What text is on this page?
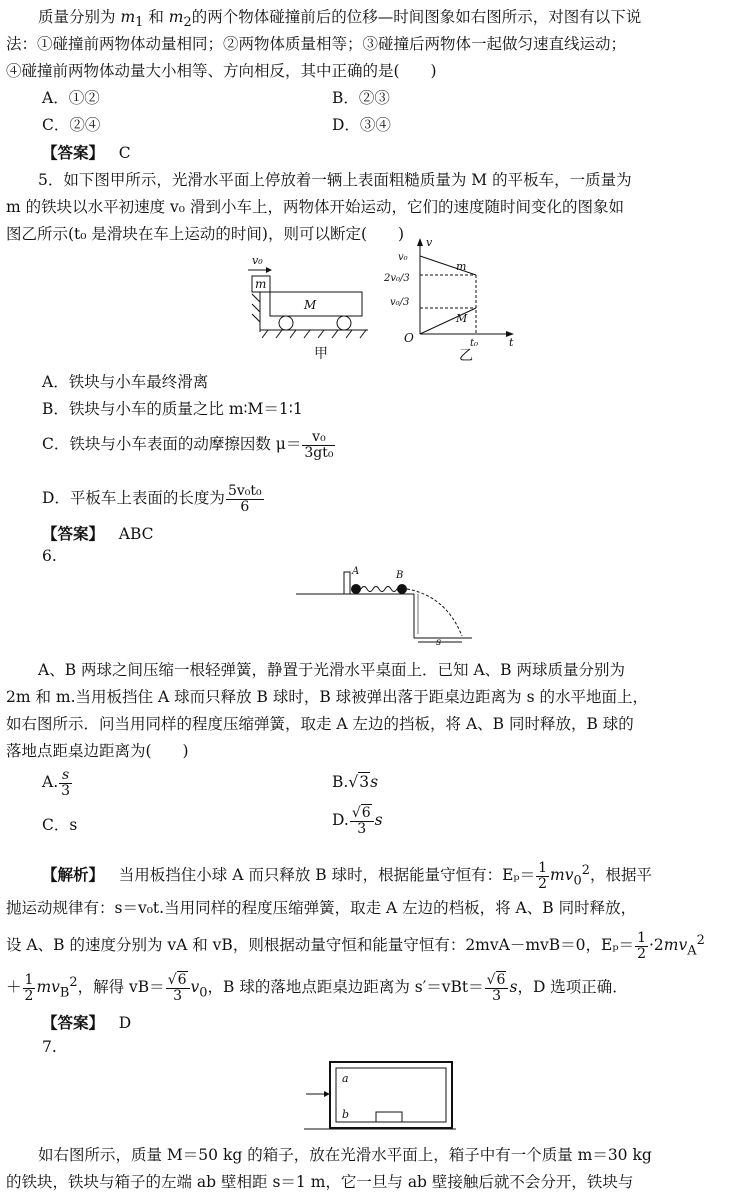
质量分别为 $m_1$ 和 $m_2$的两个物体碰撞前后的位移—时间图象如右图所示，对图有以下说
法：①碰撞前两物体动量相同；②两物体质量相等；③碰撞后两物体一起做匀速直线运动；
④碰撞前两物体动量大小相等、方向相反，其中正确的是(　　)
A．①②	B．②③
C．②④	D．③④
【答案】 C
5．如下图甲所示，光滑水平面上停放着一辆上表面粗糙质量为 M 的平板车，一质量为
m 的铁块以水平初速度 v₀ 滑到小车上，两物体开始运动，它们的速度随时间变化的图象如
图乙所示(t₀ 是滑块在车上运动的时间)，则可以断定(　　)
v₀
m
M
甲
v
t
O
v₀
2v₀/3
v₀/3
m
M
t₀
乙
A．铁块与小车最终滑离
B．铁块与小车的质量之比 m∶M＝1∶1
C．铁块与小车表面的动摩擦因数 $\mu= \frac{\text{v₀}}{\text{3gt₀}}$
D．平板车上表面的长度为 $\frac{\text{5v₀t₀}}{6}$
【答案】 ABC
6.
A	B
s
A、B 两球之间压缩一根轻弹簧，静置于光滑水平桌面上．已知 A、B 两球质量分别为
2m 和 m.当用板挡住 A 球而只释放 B 球时，B 球被弹出落于距桌边距离为 s 的水平地面上，
如右图所示．问当用同样的程度压缩弹簧，取走 A 左边的挡板，将 A、B 同时释放，B 球的
落地点距桌边距离为(　　)
A. $\frac{s}{3}$	B.√3s
C．s	D. $\frac{√6}{3}$ s
【解析】 当用板挡住小球 A 而只释放 B 球时，根据能量守恒有：$E_p= \frac{1}{2} mv_0^2$，根据平
抛运动规律有：s＝v₀t.当用同样的程度压缩弹簧，取走 A 左边的档板，将 A、B 同时释放，
设 A、B 的速度分别为 vA 和 vB，则根据动量守恒和能量守恒有：2mvA－mvB＝0，$E_p= \frac{1}{2} \cdot 2mv_A^2$
＋ $\frac{1}{2} mv_B^2$，解得 $vB= \frac{√6}{3} v_0$，B 球的落地点距桌边距离为 $s'=vBt= \frac{√6}{3}$ s，D 选项正确．
【答案】 D
7.
a
b
如右图所示，质量 M＝50 kg 的箱子，放在光滑水平面上，箱子中有一个质量 m＝30 kg
的铁块，铁块与箱子的左端 ab 壁相距 s＝1 m，它一旦与 ab 壁接触后就不会分开，铁块与
